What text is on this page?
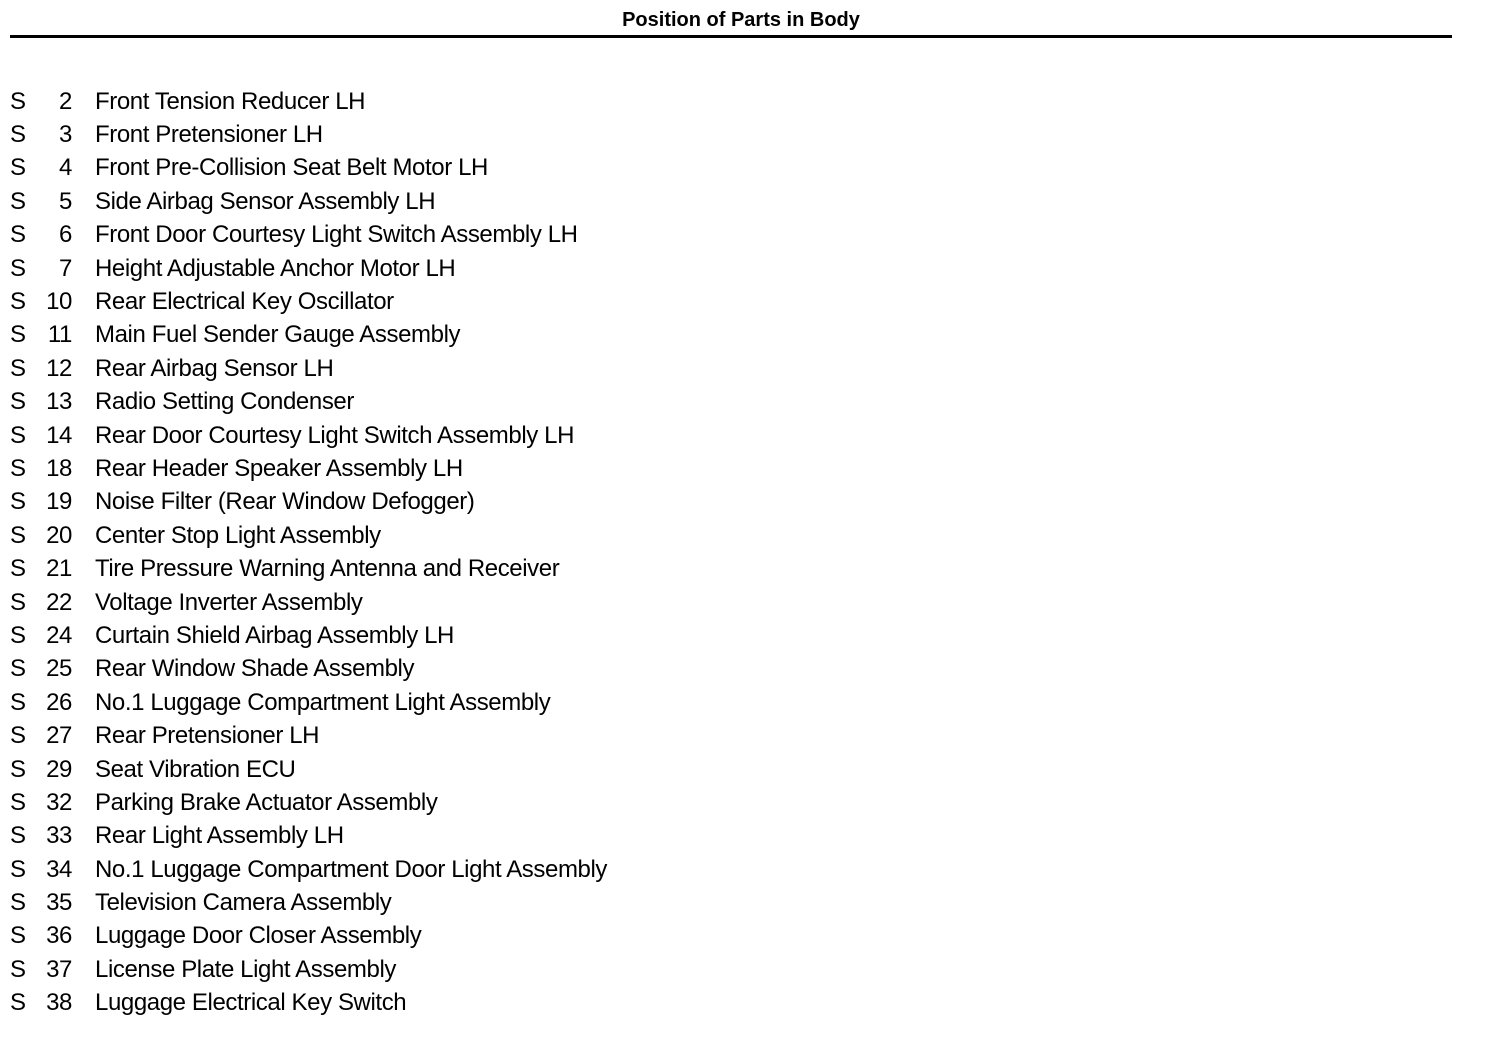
Position of Parts in Body
S	2 Front Tension Reducer LH
S	3 Front Pretensioner LH
S	4 Front Pre-Collision Seat Belt Motor LH
S	5 Side Airbag Sensor Assembly LH
S	6 Front Door Courtesy Light Switch Assembly LH
S	7 Height Adjustable Anchor Motor LH
S 10 Rear Electrical Key Oscillator
S 11 Main Fuel Sender Gauge Assembly
S 12 Rear Airbag Sensor LH
S 13 Radio Setting Condenser
S 14 Rear Door Courtesy Light Switch Assembly LH
S 18 Rear Header Speaker Assembly LH
S 19 Noise Filter (Rear Window Defogger)
S 20 Center Stop Light Assembly
S 21 Tire Pressure Warning Antenna and Receiver
S 22 Voltage Inverter Assembly
S 24 Curtain Shield Airbag Assembly LH
S 25 Rear Window Shade Assembly
S 26 No.1 Luggage Compartment Light Assembly
S 27 Rear Pretensioner LH
S 29 Seat Vibration ECU
S 32 Parking Brake Actuator Assembly
S 33 Rear Light Assembly LH
S 34 No.1 Luggage Compartment Door Light Assembly
S 35 Television Camera Assembly
S 36 Luggage Door Closer Assembly
S 37 License Plate Light Assembly
S 38 Luggage Electrical Key Switch
